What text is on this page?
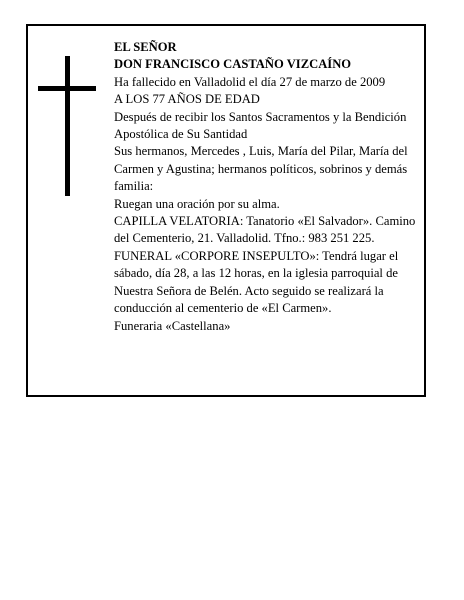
EL SEÑOR

DON FRANCISCO CASTAÑO VIZCAÍNO

Ha fallecido en Valladolid el día 27 de marzo de 2009

A LOS 77 AÑOS DE EDAD

Después de recibir los Santos Sacramentos y la Bendición Apostólica de Su Santidad

Sus hermanos, Mercedes , Luis, María del Pilar, María del Carmen y Agustina; hermanos políticos, sobrinos y demás familia:

Ruegan una oración por su alma.

CAPILLA VELATORIA: Tanatorio «El Salvador». Camino del Cementerio, 21. Valladolid. Tfno.: 983 251 225.

FUNERAL «CORPORE INSEPULTO»: Tendrá lugar el sábado, día 28, a las 12 horas, en la iglesia parroquial de Nuestra Señora de Belén. Acto seguido se realizará la conducción al cementerio de «El Carmen».

Funeraria «Castellana»
